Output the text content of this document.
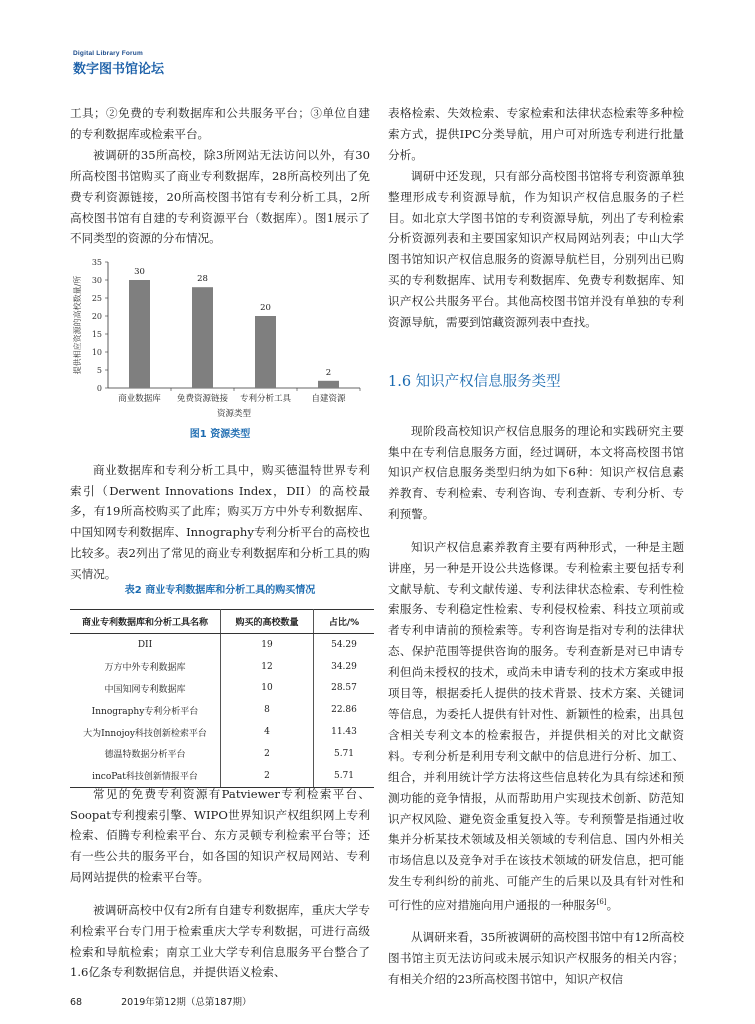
Digital Library Forum
数字图书馆论坛

工具；②免费的专利数据库和公共服务平台；③单位自建的专利数据库或检索平台。

被调研的35所高校，除3所网站无法访问以外，有30所高校图书馆购买了商业专利数据库，28所高校列出了免费专利资源链接，20所高校图书馆有专利分析工具，2所高校图书馆有自建的专利资源平台（数据库）。图1展示了不同类型的资源的分布情况。

0
5
10
15
20
25
30
35
提供相应资源的高校数量/所
30
商业数据库
28
免费资源链接
20
专利分析工具
2
自建资源
资源类型
图1 资源类型

商业数据库和专利分析工具中，购买德温特世界专利索引（Derwent Innovations Index，DII）的高校最多，有19所高校购买了此库；购买万方中外专利数据库、中国知网专利数据库、Innography专利分析平台的高校也比较多。表2列出了常见的商业专利数据库和分析工具的购买情况。

表2 商业专利数据库和分析工具的购买情况
商业专利数据库和分析工具名称	购买的高校数量	占比/%
DII	19	54.29
万方中外专利数据库	12	34.29
中国知网专利数据库	10	28.57
Innography专利分析平台	8	22.86
大为Innojoy科技创新检索平台	4	11.43
德温特数据分析平台	2	5.71
incoPat科技创新情报平台	2	5.71

常见的免费专利资源有Patviewer专利检索平台、Soopat专利搜索引擎、WIPO世界知识产权组织网上专利检索、佰腾专利检索平台、东方灵顿专利检索平台等；还有一些公共的服务平台，如各国的知识产权局网站、专利局网站提供的检索平台等。

被调研高校中仅有2所有自建专利数据库，重庆大学专利检索平台专门用于检索重庆大学专利数据，可进行高级检索和导航检索；南京工业大学专利信息服务平台整合了1.6亿条专利数据信息，并提供语义检索、

表格检索、失效检索、专家检索和法律状态检索等多种检索方式，提供IPC分类导航，用户可对所选专利进行批量分析。

调研中还发现，只有部分高校图书馆将专利资源单独整理形成专利资源导航，作为知识产权信息服务的子栏目。如北京大学图书馆的专利资源导航，列出了专利检索分析资源列表和主要国家知识产权局网站列表；中山大学图书馆知识产权信息服务的资源导航栏目，分别列出已购买的专利数据库、试用专利数据库、免费专利数据库、知识产权公共服务平台。其他高校图书馆并没有单独的专利资源导航，需要到馆藏资源列表中查找。

1.6 知识产权信息服务类型

现阶段高校知识产权信息服务的理论和实践研究主要集中在专利信息服务方面，经过调研，本文将高校图书馆知识产权信息服务类型归纳为如下6种：知识产权信息素养教育、专利检索、专利咨询、专利查新、专利分析、专利预警。

知识产权信息素养教育主要有两种形式，一种是主题讲座，另一种是开设公共选修课。专利检索主要包括专利文献导航、专利文献传递、专利法律状态检索、专利性检索服务、专利稳定性检索、专利侵权检索、科技立项前或者专利申请前的预检索等。专利咨询是指对专利的法律状态、保护范围等提供咨询的服务。专利查新是对已申请专利但尚未授权的技术，或尚未申请专利的技术方案或申报项目等，根据委托人提供的技术背景、技术方案、关键词等信息，为委托人提供有针对性、新颖性的检索，出具包含相关专利文本的检索报告，并提供相关的对比文献资料。专利分析是利用专利文献中的信息进行分析、加工、组合，并利用统计学方法将这些信息转化为具有综述和预测功能的竞争情报，从而帮助用户实现技术创新、防范知识产权风险、避免资金重复投入等。专利预警是指通过收集并分析某技术领域及相关领域的专利信息、国内外相关市场信息以及竞争对手在该技术领域的研发信息，把可能发生专利纠纷的前兆、可能产生的后果以及具有针对性和可行性的应对措施向用户通报的一种服务[6]。

从调研来看，35所被调研的高校图书馆中有12所高校图书馆主页无法访问或未展示知识产权服务的相关内容；有相关介绍的23所高校图书馆中，知识产权信

68	2019年第12期（总第187期）
